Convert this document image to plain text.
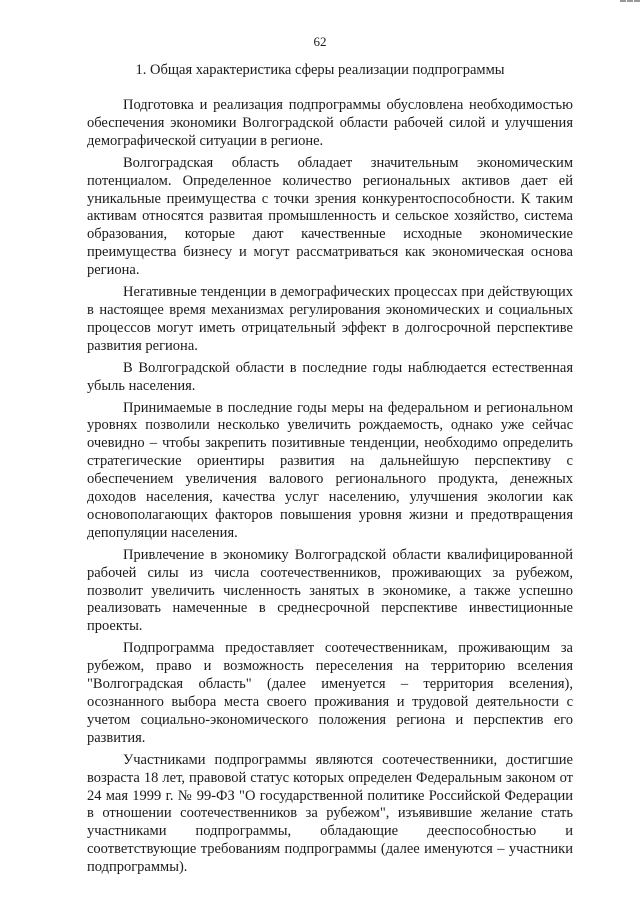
62
1. Общая характеристика сферы реализации подпрограммы

Подготовка и реализация подпрограммы обусловлена необходимостью обеспечения экономики Волгоградской области рабочей силой и улучшения демографической ситуации в регионе.

Волгоградская область обладает значительным экономическим потенциалом. Определенное количество региональных активов дает ей уникальные преимущества с точки зрения конкурентоспособности. К таким активам относятся развитая промышленность и сельское хозяйство, система образования, которые дают качественные исходные экономические преимущества бизнесу и могут рассматриваться как экономическая основа региона.

Негативные тенденции в демографических процессах при действующих в настоящее время механизмах регулирования экономических и социальных процессов могут иметь отрицательный эффект в долгосрочной перспективе развития региона.

В Волгоградской области в последние годы наблюдается естественная убыль населения.

Принимаемые в последние годы меры на федеральном и региональном уровнях позволили несколько увеличить рождаемость, однако уже сейчас очевидно – чтобы закрепить позитивные тенденции, необходимо определить стратегические ориентиры развития на дальнейшую перспективу с обеспечением увеличения валового регионального продукта, денежных доходов населения, качества услуг населению, улучшения экологии как основополагающих факторов повышения уровня жизни и предотвращения депопуляции населения.

Привлечение в экономику Волгоградской области квалифицированной рабочей силы из числа соотечественников, проживающих за рубежом, позволит увеличить численность занятых в экономике, а также успешно реализовать намеченные в среднесрочной перспективе инвестиционные проекты.

Подпрограмма предоставляет соотечественникам, проживающим за рубежом, право и возможность переселения на территорию вселения "Волгоградская область" (далее именуется – территория вселения), осознанного выбора места своего проживания и трудовой деятельности с учетом социально-экономического положения региона и перспектив его развития.

Участниками подпрограммы являются соотечественники, достигшие возраста 18 лет, правовой статус которых определен Федеральным законом от 24 мая 1999 г. № 99-ФЗ "О государственной политике Российской Федерации в отношении соотечественников за рубежом", изъявившие желание стать участниками подпрограммы, обладающие дееспособностью и соответствующие требованиям подпрограммы (далее именуются – участники подпрограммы).
